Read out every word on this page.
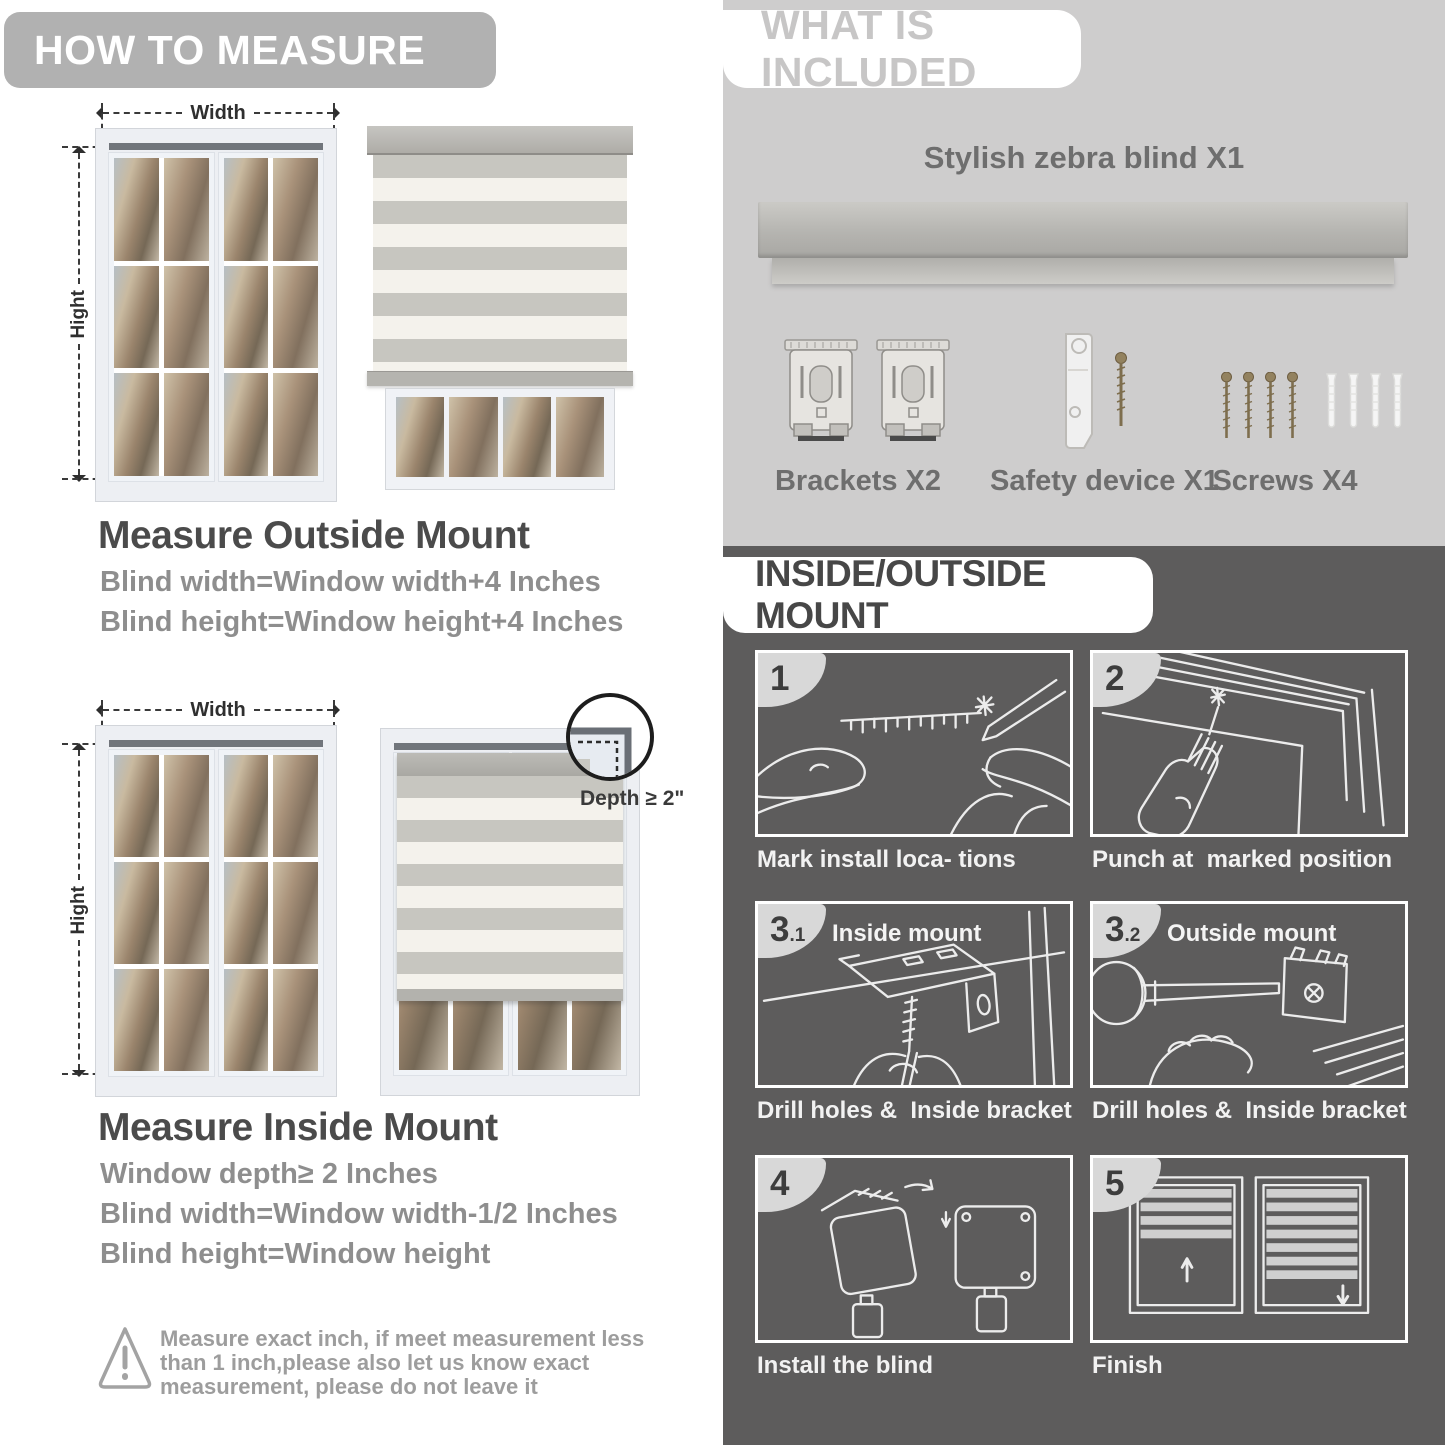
HOW TO MEASURE
Width
Hight
Measure Outside Mount
Blind width=Window width+4 Inches
Blind height=Window height+4 Inches
Width
Hight
Depth ≥ 2"
Measure Inside Mount
Window depth≥ 2 Inches
Blind width=Window width-1/2 Inches
Blind height=Window height
Measure exact inch, if meet measurement less
than 1 inch,please also let us know exact
measurement, please do not leave it
WHAT IS INCLUDED
Stylish zebra blind X1
Brackets X2 Safety device X1
Screws X4
INSIDE/OUTSIDE MOUNT
1
Mark install loca- tions
2
Punch at  marked position
3 .1 Inside mount
Drill holes &  Inside bracket
3 .2 Outside mount
Drill holes &  Inside bracket
4
Install the blind
5
Finish
